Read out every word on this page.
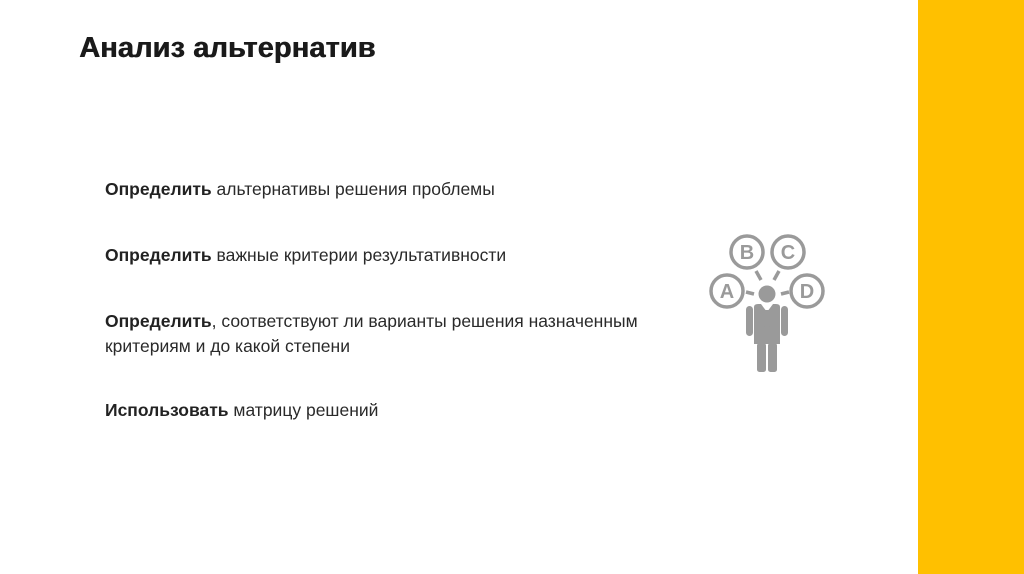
Анализ альтернатив
Определить альтернативы решения проблемы
Определить важные критерии результативности
Определить, соответствуют ли варианты решения назначенным критериям и до какой степени
Использовать матрицу решений
A
B C
D
